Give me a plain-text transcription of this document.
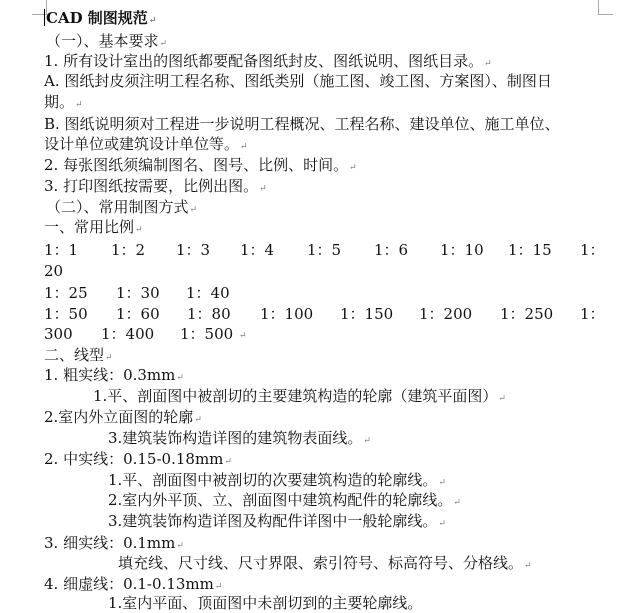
CAD 制图规范↵
（一）、基本要求↵
1. 所有设计室出的图纸都要配备图纸封皮、图纸说明、图纸目录。↵
A. 图纸封皮须注明工程名称、图纸类别（施工图、竣工图、方案图）、制图日
期。↵
B. 图纸说明须对工程进一步说明工程概况、工程名称、建设单位、施工单位、
设计单位或建筑设计单位等。↵
2. 每张图纸须编制图名、图号、比例、时间。↵
3. 打印图纸按需要，比例出图。↵
（二）、常用制图方式↵
一、常用比例↵
1：1 1：2 1：3 1：4 1：5 1：6 1：10 1：15 1：
20
1：25 1：30 1：40
1：50 1：60 1：80 1：100 1：150 1：200 1：250 1：
300 1：400 1：500 ↵
二、线型↵
1. 粗实线：0.3mm↵
1.平、剖面图中被剖切的主要建筑构造的轮廓（建筑平面图）↵
2.室内外立面图的轮廓↵
3.建筑装饰构造详图的建筑物表面线。↵
2. 中实线：0.15-0.18mm↵
1.平、剖面图中被剖切的次要建筑构造的轮廓线。↵
2.室内外平顶、立、剖面图中建筑构配件的轮廓线。↵
3.建筑装饰构造详图及构配件详图中一般轮廓线。↵
3. 细实线：0.1mm↵
填充线、尺寸线、尺寸界限、索引符号、标高符号、分格线。↵
4. 细虚线：0.1-0.13mm↵
1.室内平面、顶面图中未剖切到的主要轮廓线。
